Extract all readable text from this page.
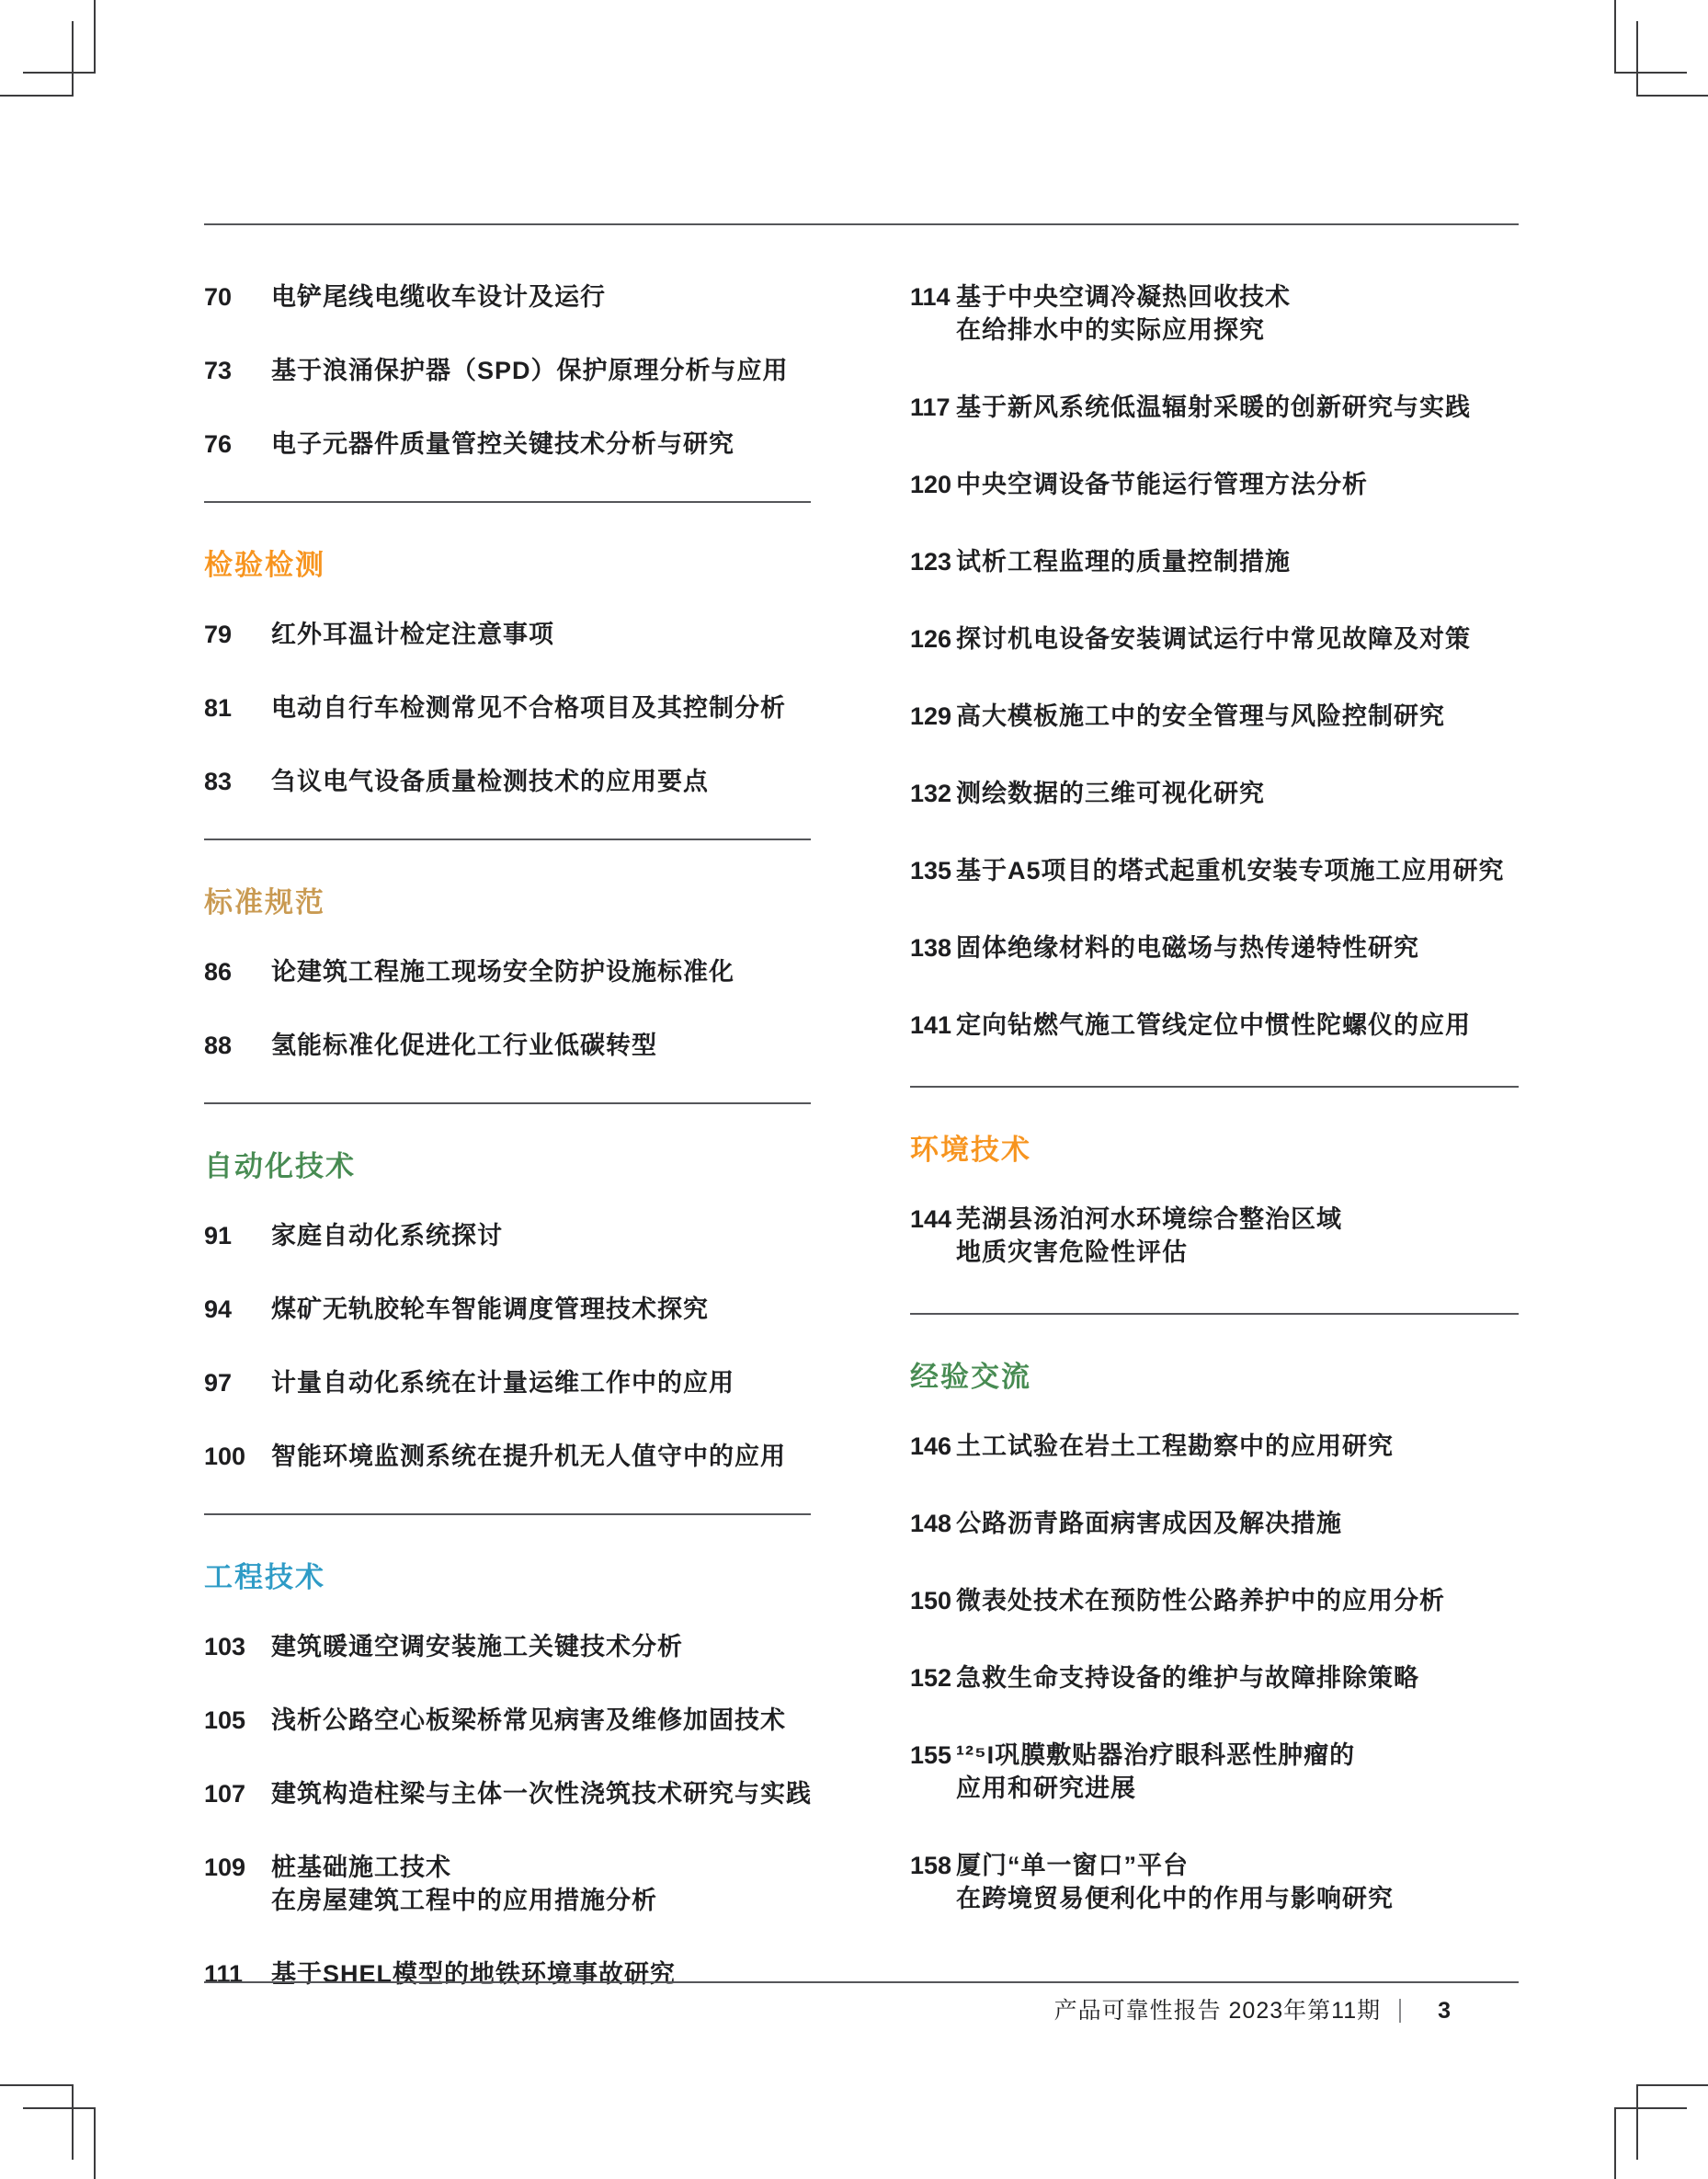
70	电铲尾线电缆收车设计及运行
73	基于浪涌保护器（SPD）保护原理分析与应用
76	电子元器件质量管控关键技术分析与研究
检验检测
79	红外耳温计检定注意事项
81	电动自行车检测常见不合格项目及其控制分析
83	刍议电气设备质量检测技术的应用要点
标准规范
86	论建筑工程施工现场安全防护设施标准化
88	氢能标准化促进化工行业低碳转型
自动化技术
91	家庭自动化系统探讨
94	煤矿无轨胶轮车智能调度管理技术探究
97	计量自动化系统在计量运维工作中的应用
100	智能环境监测系统在提升机无人值守中的应用
工程技术
103	建筑暖通空调安装施工关键技术分析
105	浅析公路空心板梁桥常见病害及维修加固技术
107	建筑构造柱梁与主体一次性浇筑技术研究与实践
109	桩基础施工技术
在房屋建筑工程中的应用措施分析
111	基于SHEL模型的地铁环境事故研究
114 基于中央空调冷凝热回收技术
在给排水中的实际应用探究
117 基于新风系统低温辐射采暖的创新研究与实践
120 中央空调设备节能运行管理方法分析
123 试析工程监理的质量控制措施
126 探讨机电设备安装调试运行中常见故障及对策
129 高大模板施工中的安全管理与风险控制研究
132 测绘数据的三维可视化研究
135 基于A5项目的塔式起重机安装专项施工应用研究
138 固体绝缘材料的电磁场与热传递特性研究
141 定向钻燃气施工管线定位中惯性陀螺仪的应用
环境技术
144 芜湖县汤泊河水环境综合整治区域
地质灾害危险性评估
经验交流
146 土工试验在岩土工程勘察中的应用研究
148 公路沥青路面病害成因及解决措施
150 微表处技术在预防性公路养护中的应用分析
152 急救生命支持设备的维护与故障排除策略
155 ¹²⁵I巩膜敷贴器治疗眼科恶性肿瘤的
应用和研究进展
158 厦门“单一窗口”平台
在跨境贸易便利化中的作用与影响研究
产品可靠性报告 2023年第11期 3
